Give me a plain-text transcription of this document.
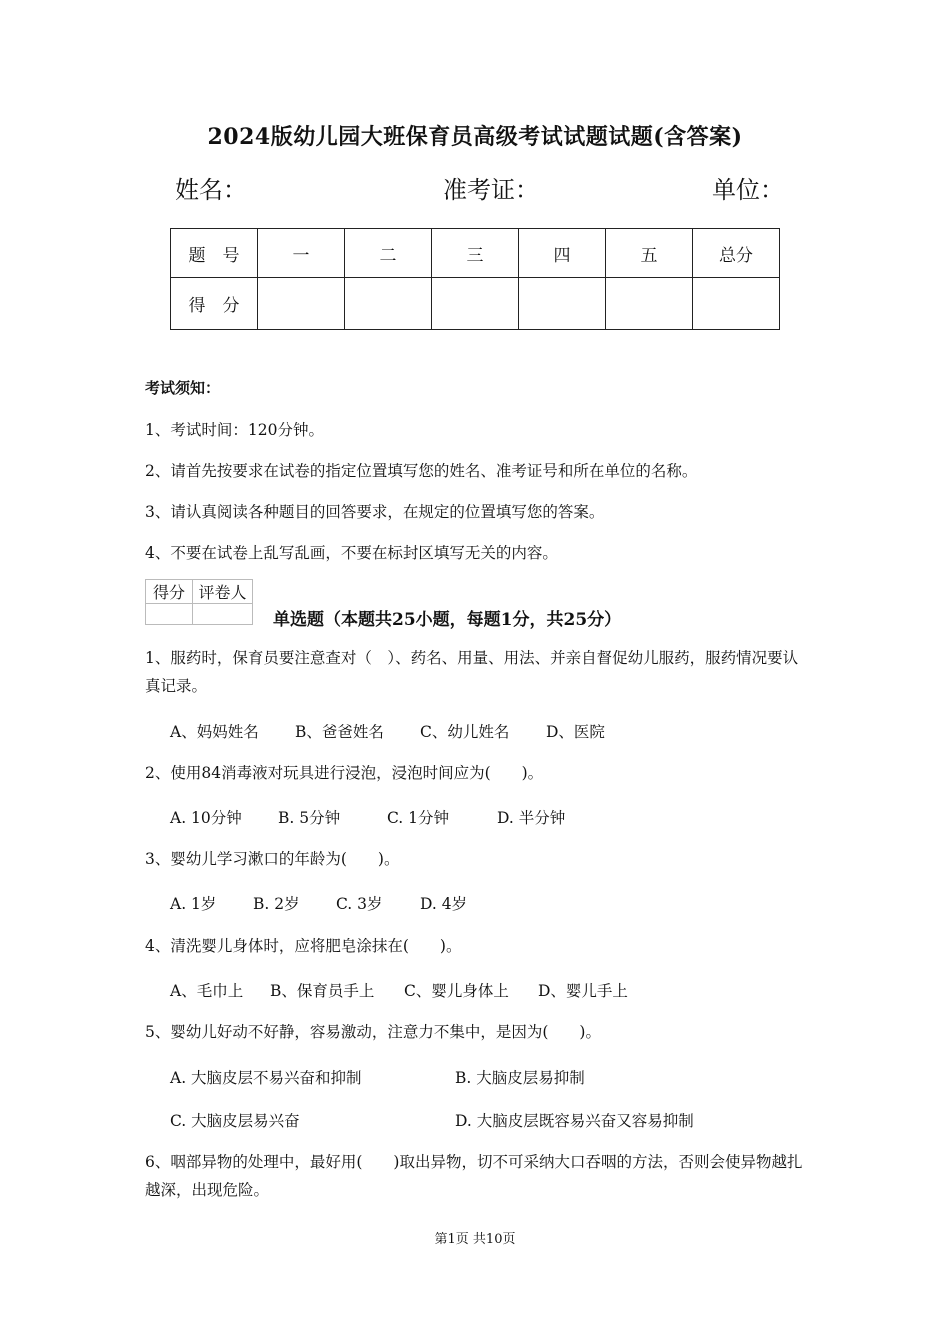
2024版幼儿园大班保育员高级考试试题试题(含答案)
姓名：	准考证：	单位：
题　号	一	二	三	四	五	总分
得　分						
考试须知：
1、考试时间：120分钟。
2、请首先按要求在试卷的指定位置填写您的姓名、准考证号和所在单位的名称。
3、请认真阅读各种题目的回答要求，在规定的位置填写您的答案。
4、不要在试卷上乱写乱画，不要在标封区填写无关的内容。
得分	评卷人

单选题（本题共25小题，每题1分，共25分）
1、服药时，保育员要注意查对（　）、药名、用量、用法、并亲自督促幼儿服药，服药情况要认真记录。
A、妈妈姓名 B、爸爸姓名 C、幼儿姓名 D、医院
2、使用84消毒液对玩具进行浸泡，浸泡时间应为(　　)。
A. 10分钟 B. 5分钟	C. 1分钟	D. 半分钟
3、婴幼儿学习漱口的年龄为(　　)。
A. 1岁 B. 2岁 C. 3岁 D. 4岁
4、清洗婴儿身体时，应将肥皂涂抹在(　　)。
A、毛巾上 B、保育员手上 C、婴儿身体上 D、婴儿手上
5、婴幼儿好动不好静，容易激动，注意力不集中，是因为(　　)。
A. 大脑皮层不易兴奋和抑制	B. 大脑皮层易抑制
C. 大脑皮层易兴奋	D. 大脑皮层既容易兴奋又容易抑制
6、咽部异物的处理中，最好用(　　)取出异物，切不可采纳大口吞咽的方法，否则会使异物越扎越深，出现危险。
第1页 共10页
